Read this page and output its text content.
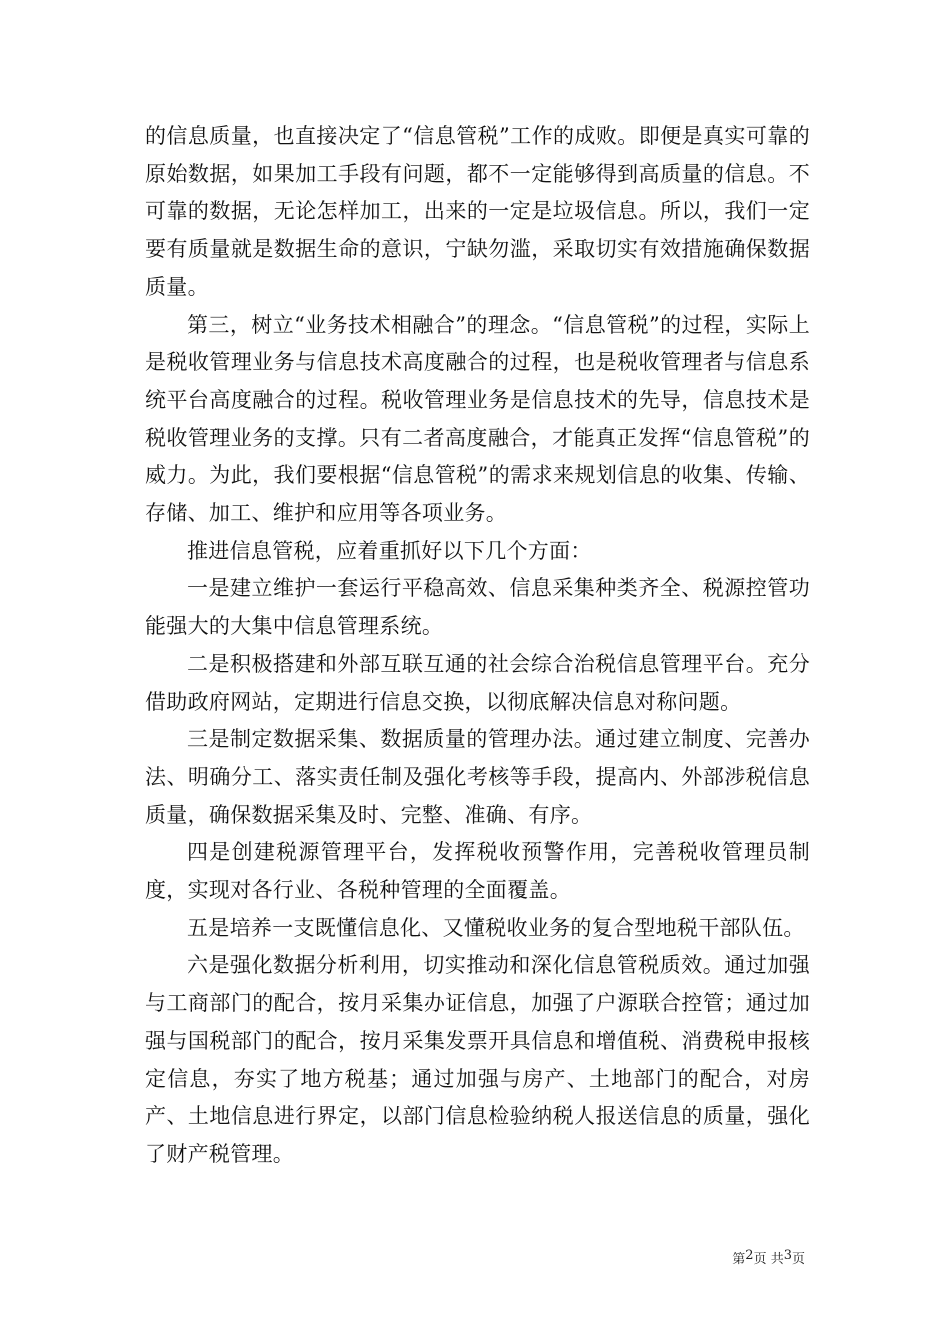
的信息质量，也直接决定了“信息管税”工作的成败。即便是真实可靠的原始数据，如果加工手段有问题，都不一定能够得到高质量的信息。不可靠的数据，无论怎样加工，出来的一定是垃圾信息。所以，我们一定要有质量就是数据生命的意识，宁缺勿滥，采取切实有效措施确保数据质量。

第三，树立“业务技术相融合”的理念。“信息管税”的过程，实际上是税收管理业务与信息技术高度融合的过程，也是税收管理者与信息系统平台高度融合的过程。税收管理业务是信息技术的先导，信息技术是税收管理业务的支撑。只有二者高度融合，才能真正发挥“信息管税”的威力。为此，我们要根据“信息管税”的需求来规划信息的收集、传输、存储、加工、维护和应用等各项业务。

推进信息管税，应着重抓好以下几个方面：

一是建立维护一套运行平稳高效、信息采集种类齐全、税源控管功能强大的大集中信息管理系统。

二是积极搭建和外部互联互通的社会综合治税信息管理平台。充分借助政府网站，定期进行信息交换，以彻底解决信息对称问题。

三是制定数据采集、数据质量的管理办法。通过建立制度、完善办法、明确分工、落实责任制及强化考核等手段，提高内、外部涉税信息质量，确保数据采集及时、完整、准确、有序。

四是创建税源管理平台，发挥税收预警作用，完善税收管理员制度，实现对各行业、各税种管理的全面覆盖。

五是培养一支既懂信息化、又懂税收业务的复合型地税干部队伍。

六是强化数据分析利用，切实推动和深化信息管税质效。通过加强与工商部门的配合，按月采集办证信息，加强了户源联合控管；通过加强与国税部门的配合，按月采集发票开具信息和增值税、消费税申报核定信息，夯实了地方税基；通过加强与房产、土地部门的配合，对房产、土地信息进行界定，以部门信息检验纳税人报送信息的质量，强化了财产税管理。

第 2 页 共 3 页
